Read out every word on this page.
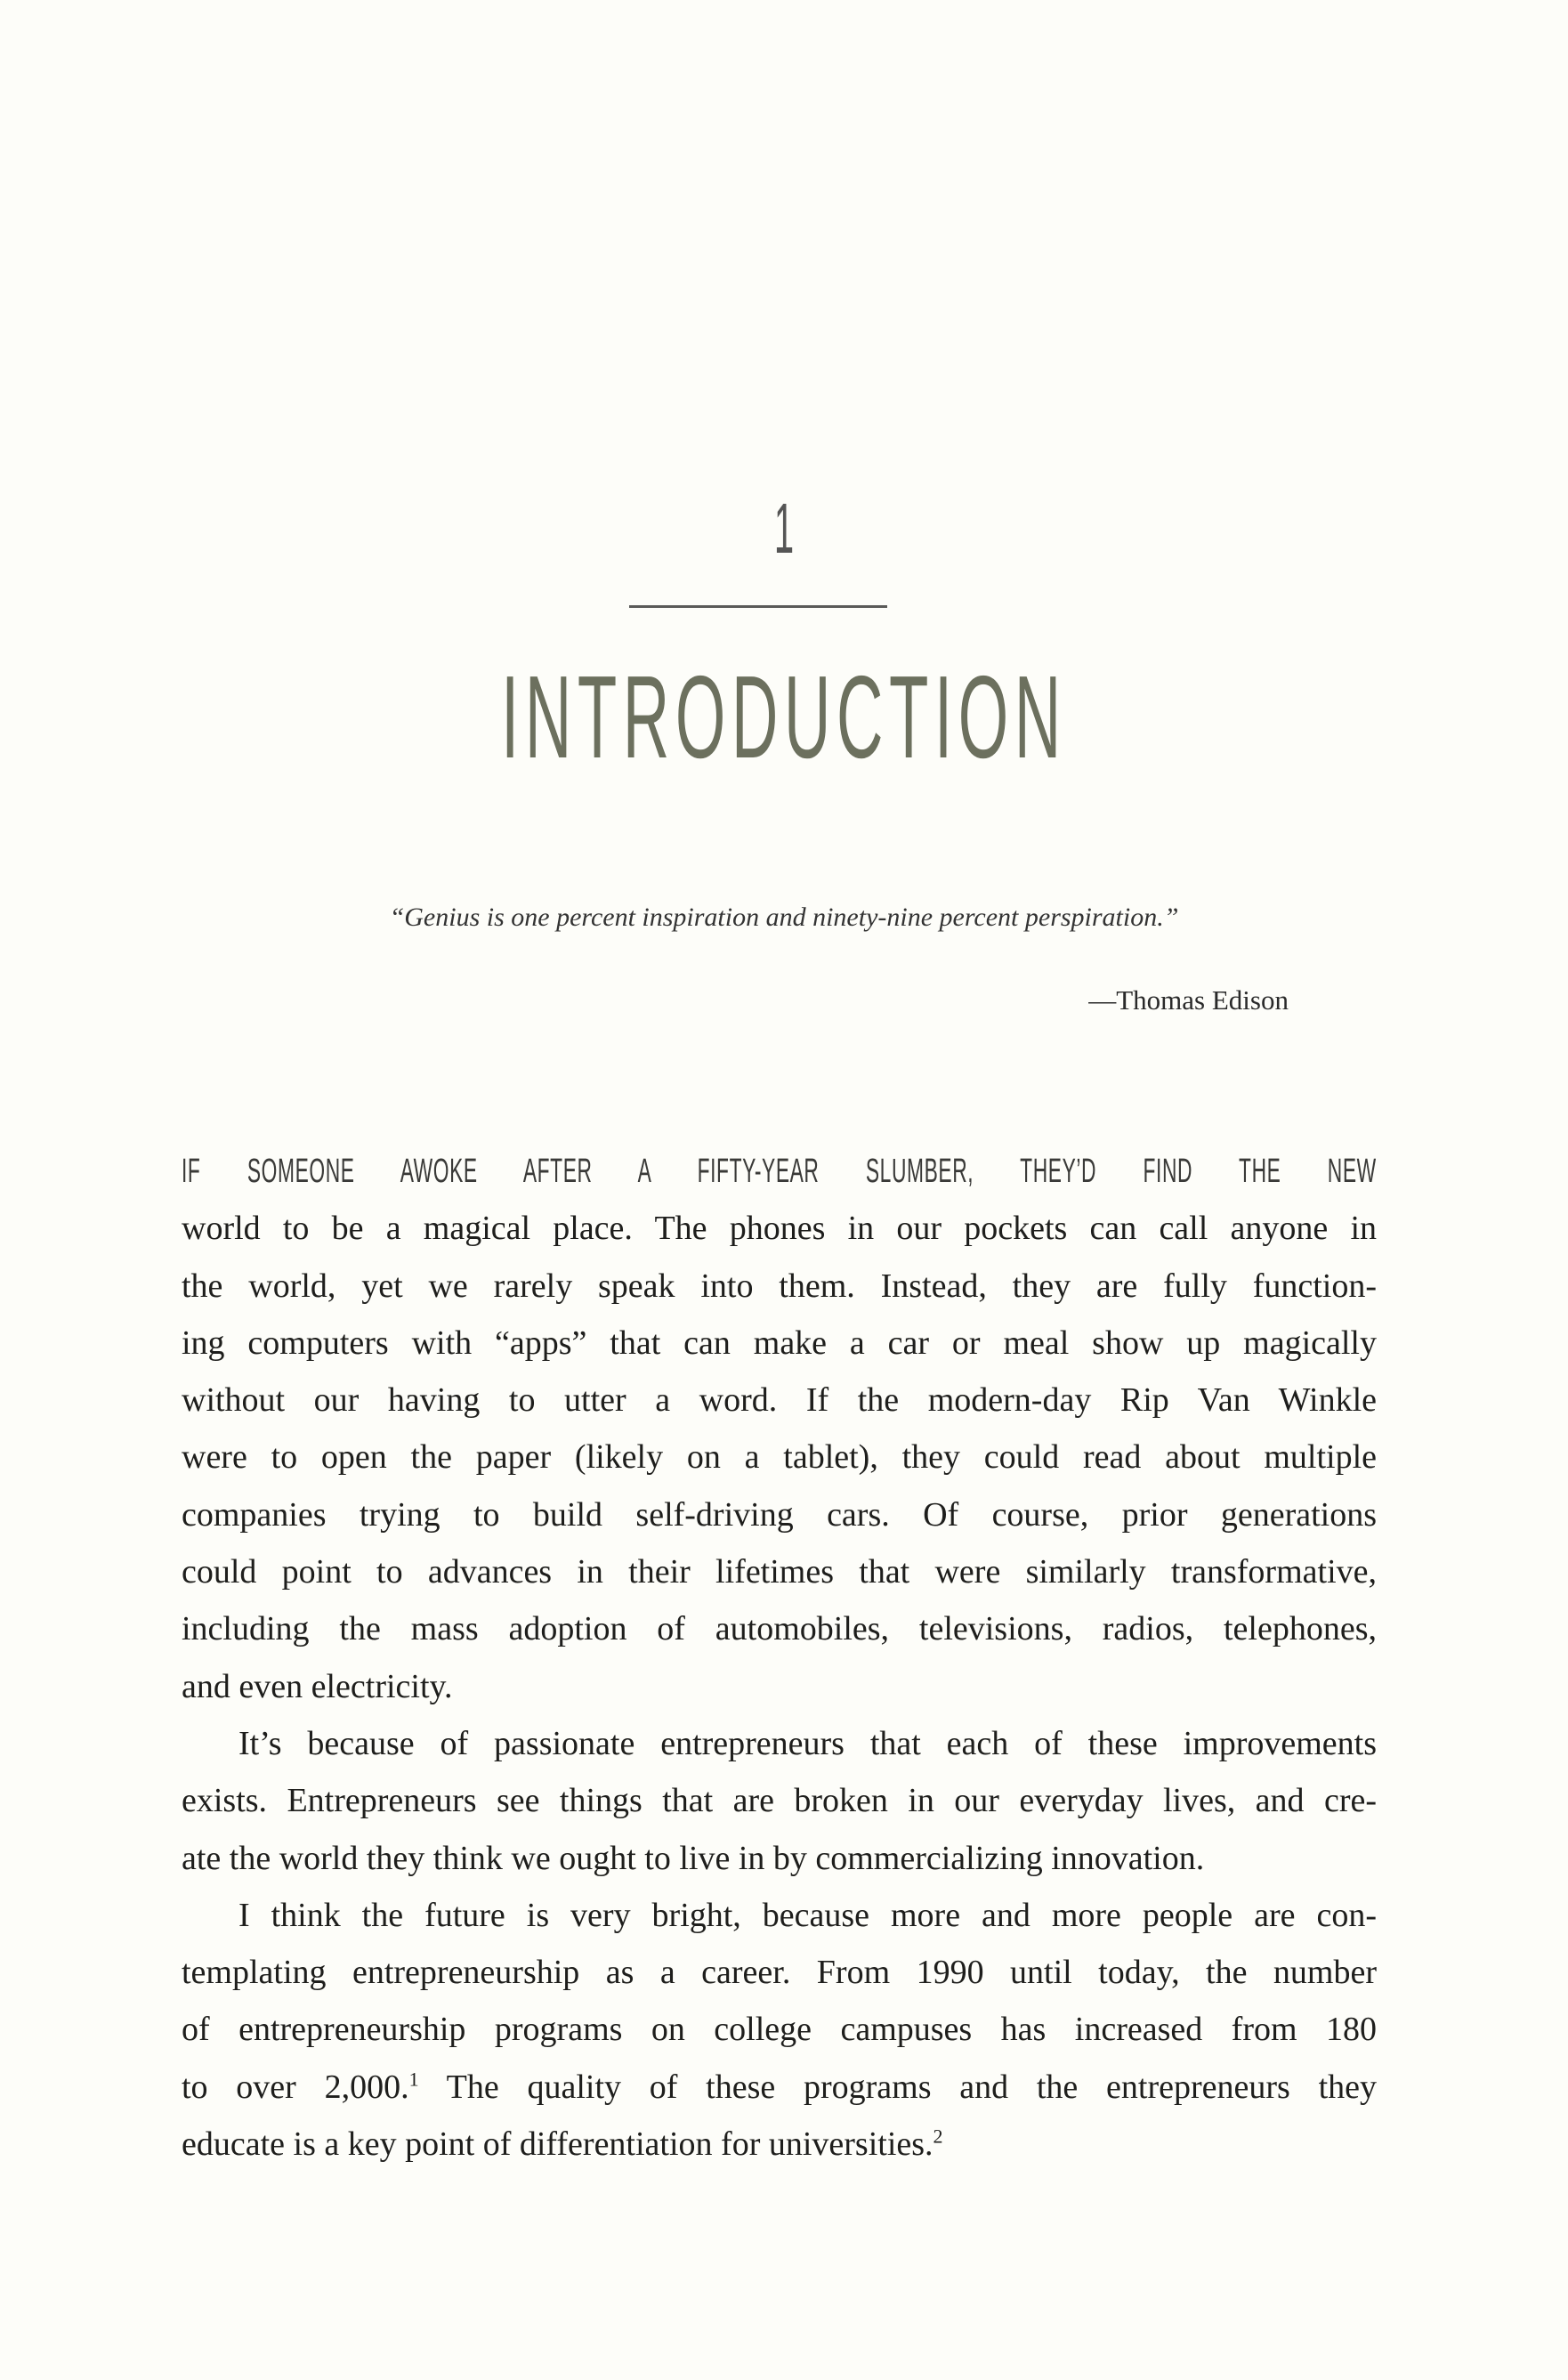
1
INTRODUCTION
“Genius is one percent inspiration and ninety-nine percent perspiration.”
—Thomas Edison
IF SOMEONE AWOKE AFTER A FIFTY-YEAR SLUMBER, THEY’D FIND THE NEW
world to be a magical place. The phones in our pockets can call anyone in
the world, yet we rarely speak into them. Instead, they are fully function-
ing computers with “apps” that can make a car or meal show up magically
without our having to utter a word. If the modern-day Rip Van Winkle
were to open the paper (likely on a tablet), they could read about multiple
companies trying to build self-driving cars. Of course, prior generations
could point to advances in their lifetimes that were similarly transformative,
including the mass adoption of automobiles, televisions, radios, telephones,
and even electricity.
It’s because of passionate entrepreneurs that each of these improvements
exists. Entrepreneurs see things that are broken in our everyday lives, and cre-
ate the world they think we ought to live in by commercializing innovation.
I think the future is very bright, because more and more people are con-
templating entrepreneurship as a career. From 1990 until today, the number
of entrepreneurship programs on college campuses has increased from 180
to over 2,000.$^1$ The quality of these programs and the entrepreneurs they
educate is a key point of differentiation for universities.$^2$
